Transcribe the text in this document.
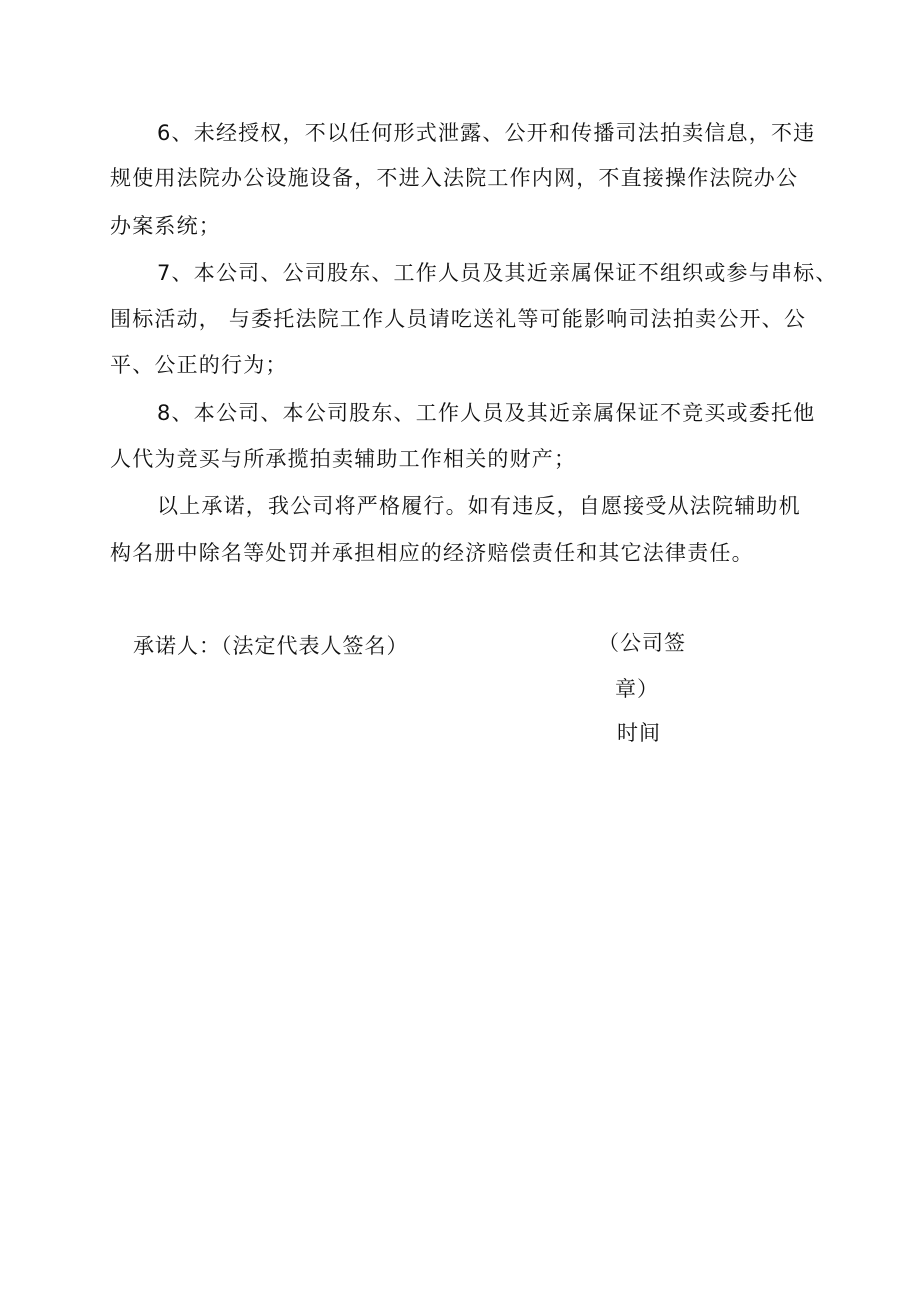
6、未经授权，不以任何形式泄露、公开和传播司法拍卖信息，不违
规使用法院办公设施设备，不进入法院工作内网，不直接操作法院办公
办案系统；
7、本公司、公司股东、工作人员及其近亲属保证不组织或参与串标、
围标活动， 与委托法院工作人员请吃送礼等可能影响司法拍卖公开、公
平、公正的行为；
8、本公司、本公司股东、工作人员及其近亲属保证不竞买或委托他
人代为竞买与所承揽拍卖辅助工作相关的财产；
以上承诺，我公司将严格履行。如有违反，自愿接受从法院辅助机
构名册中除名等处罚并承担相应的经济赔偿责任和其它法律责任。
承诺人：（法定代表人签名）	（公司签
章）
时间
